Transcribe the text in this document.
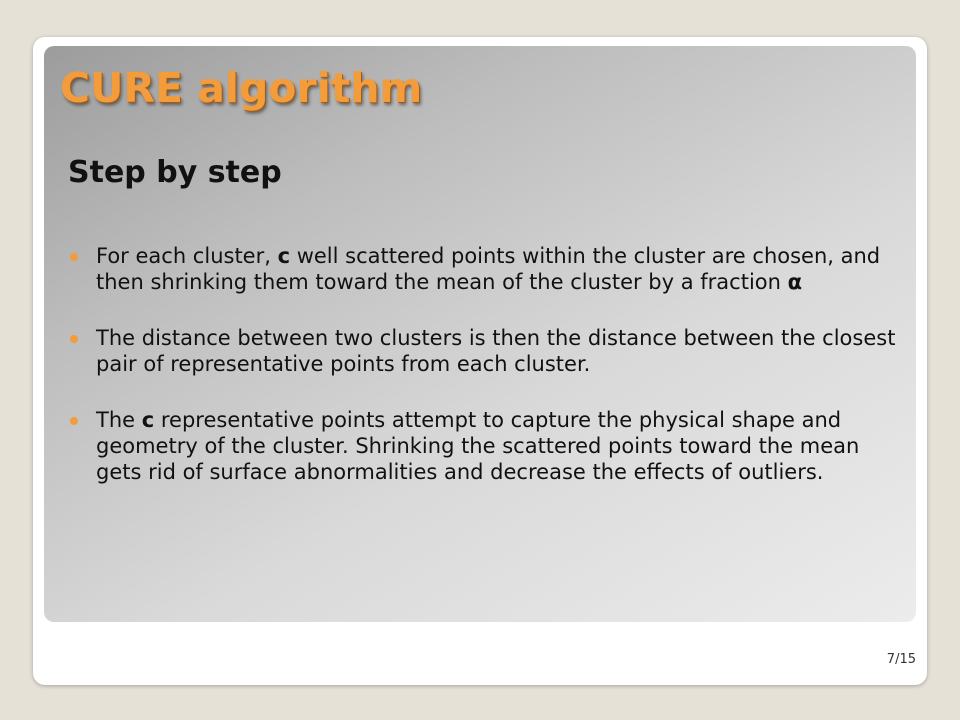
CURE algorithm
Step by step
For each cluster, c well scattered points within the cluster are chosen, and then shrinking them toward the mean of the cluster by a fraction α
The distance between two clusters is then the distance between the closest pair of representative points from each cluster.
The c representative points attempt to capture the physical shape and geometry of the cluster. Shrinking the scattered points toward the mean gets rid of surface abnormalities and decrease the effects of outliers.
7/15
